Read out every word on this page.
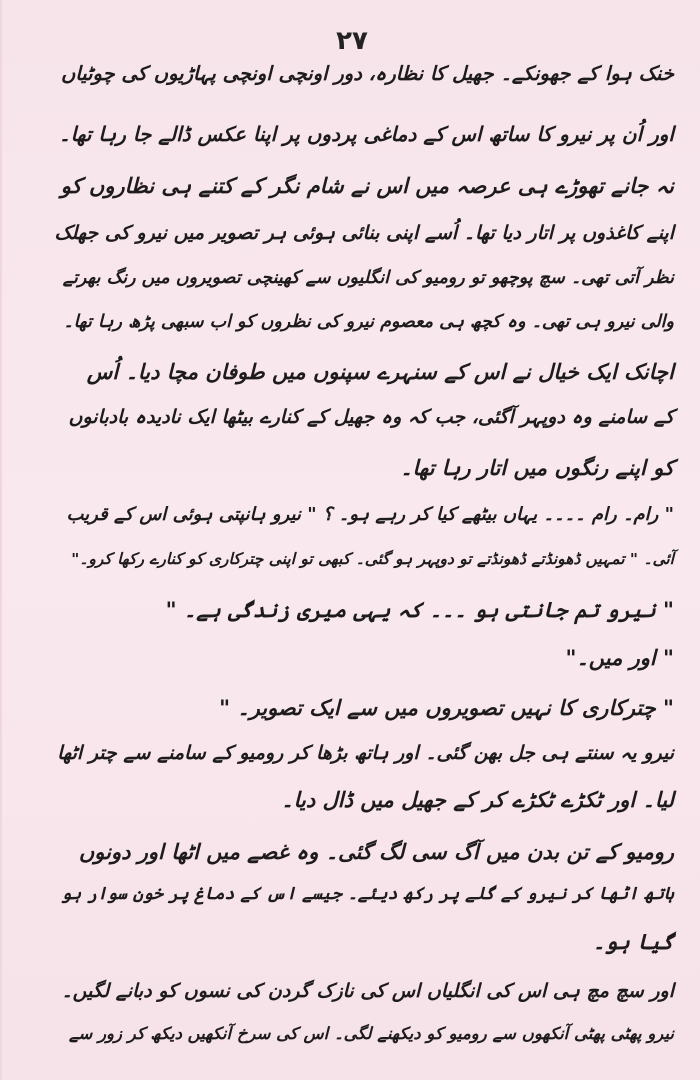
۲۷
خنک ہوا کے جھونکے۔ جھیل کا نظارہ، دور اونچی اونچی پہاڑیوں کی چوٹیاں
اور اُن پر نیرو کا ساتھ اس کے دماغی پردوں پر اپنا عکس ڈالے جا رہا تھا۔
نہ جانے تھوڑے ہی عرصہ میں اس نے شام نگر کے کتنے ہی نظاروں کو
اپنے کاغذوں پر اتار دیا تھا۔ اُسے اپنی بنائی ہوئی ہر تصویر میں نیرو کی جھلک
نظر آتی تھی۔ سچ پوچھو تو رومیو کی انگلیوں سے کھینچی تصویروں میں رنگ بھرتے
والی نیرو ہی تھی۔ وہ کچھ ہی معصوم نیرو کی نظروں کو اب سبھی پڑھ رہا تھا۔
اچانک ایک خیال نے اس کے سنہرے سپنوں میں طوفان مچا دیا۔ اُس
کے سامنے وہ دوپہر آگئی، جب کہ وہ جھیل کے کنارے بیٹھا ایک نادیدہ بادبانوں
کو اپنے رنگوں میں اتار رہا تھا۔
" رام۔ رام ۔۔۔۔ یہاں بیٹھے کیا کر رہے ہو۔ ؟ " نیرو ہانپتی ہوئی اس کے قریب
آئی۔ " تمہیں ڈھونڈتے ڈھونڈتے تو دوپہر ہو گئی۔ کبھی تو اپنی چترکاری کو کنارے رکھا کرو۔"
" نیرو تم جانتی ہو ۔۔۔ کہ یہی میری زندگی ہے۔ "
" اور میں۔"
" چترکاری کا نہیں تصویروں میں سے ایک تصویر۔ "
نیرو یہ سنتے ہی جل بھن گئی۔ اور ہاتھ بڑھا کر رومیو کے سامنے سے چتر اٹھا
لیا۔ اور ٹکڑے ٹکڑے کر کے جھیل میں ڈال دیا۔
رومیو کے تن بدن میں آگ سی لگ گئی۔ وہ غصے میں اٹھا اور دونوں
ہاتھ اٹھا کر نیرو کے گلے پر رکھ دیئے۔ جیسے اس کے دماغ پر خون سوار ہو
گیا ہو۔
اور سچ مچ ہی اس کی انگلیاں اس کی نازک گردن کی نسوں کو دبانے لگیں۔
نیرو پھٹی پھٹی آنکھوں سے رومیو کو دیکھنے لگی۔ اس کی سرخ آنکھیں دیکھ کر زور سے
